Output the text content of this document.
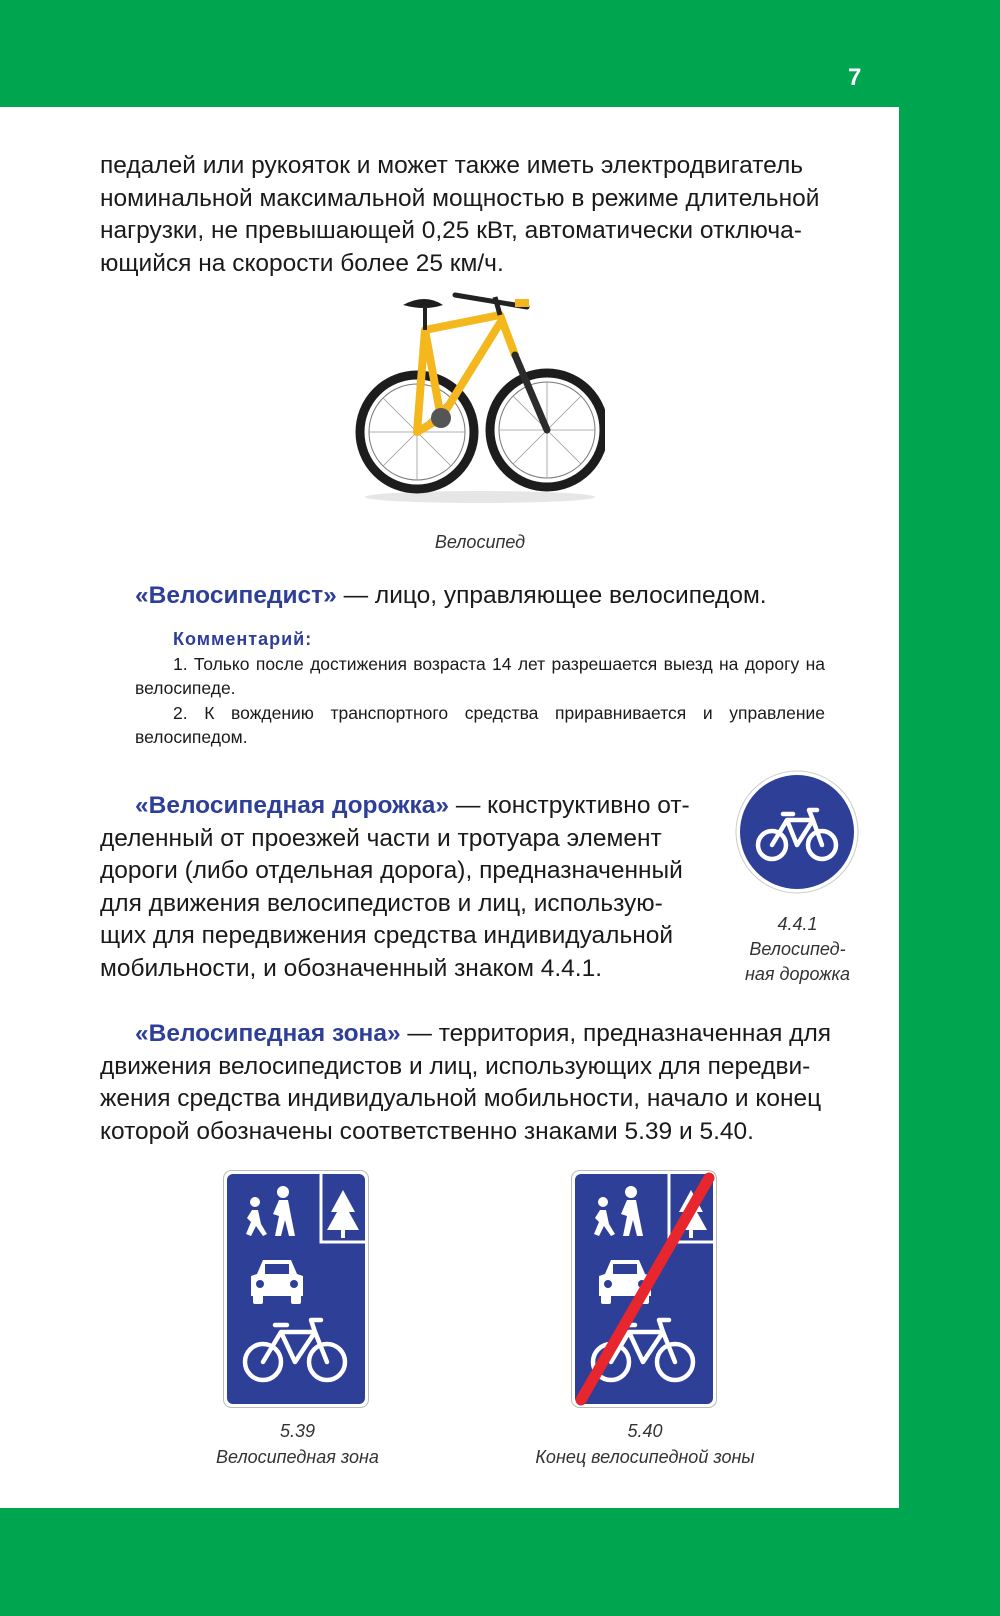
7
педалей или рукояток и может также иметь электродвигатель
номинальной максимальной мощностью в режиме длительной
нагрузки, не превышающей 0,25 кВт, автоматически отключа-
ющийся на скорости более 25 км/ч.
Велосипед
«Велосипедист» — лицо, управляющее велосипедом.
Комментарий:

1. Только после достижения возраста 14 лет разрешается выезд на дорогу на велосипеде.

2. К вождению транспортного средства приравнивается и управление велосипедом.

«Велосипедная дорожка» — конструктивно от-
деленный от проезжей части и тротуара элемент
дороги (либо отдельная дорога), предназначенный
для движения велосипедистов и лиц, использую-
щих для передвижения средства индивидуальной
мобильности, и обозначенный знаком 4.4.1.
4.4.1
Велосипед-
ная дорожка
«Велосипедная зона» — территория, предназначенная для
движения велосипедистов и лиц, использующих для передви-
жения средства индивидуальной мобильности, начало и конец
которой обозначены соответственно знаками 5.39 и 5.40.
5.39
Велосипедная зона
5.40
Конец велосипедной зоны
